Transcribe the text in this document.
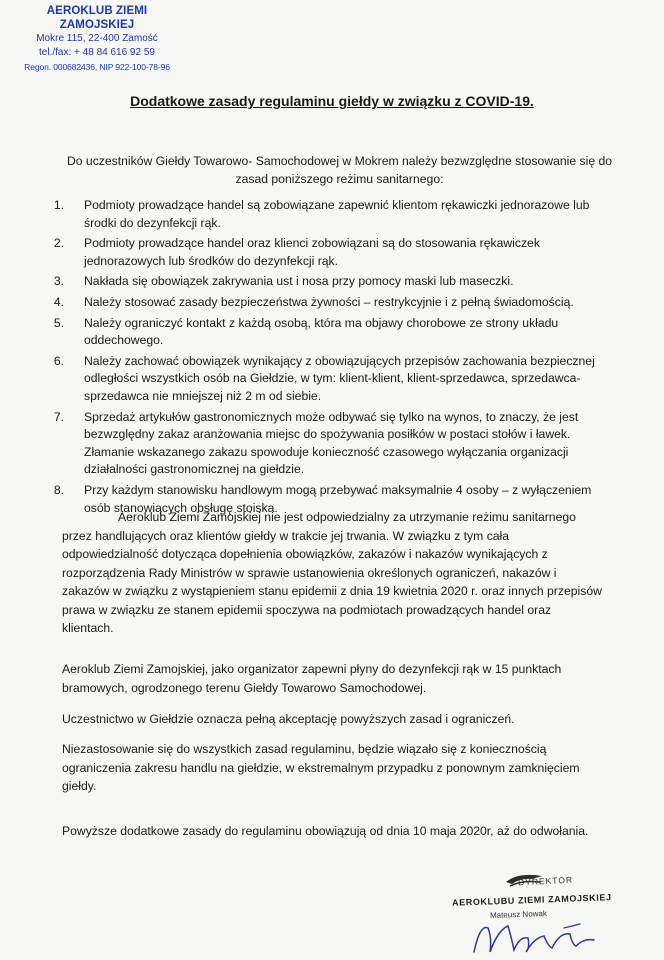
AEROKLUB ZIEMI ZAMOJSKIEJ
Mokre 115, 22-400 Zamość
tel./fax: + 48 84 616 92 59
Regon. 000682436, NIP 922-100-78-96
Dodatkowe zasady regulaminu giełdy w związku z COVID-19.
Do uczestników Giełdy Towarowo- Samochodowej w Mokrem należy bezwzględne stosowanie się do zasad poniższego reżimu sanitarnego:
1. Podmioty prowadzące handel są zobowiązane zapewnić klientom rękawiczki jednorazowe lub środki do dezynfekcji rąk.
2. Podmioty prowadzące handel oraz klienci zobowiązani są do stosowania rękawiczek jednorazowych lub środków do dezynfekcji rąk.
3. Nakłada się obowiązek zakrywania ust i nosa przy pomocy maski lub maseczki.
4. Należy stosować zasady bezpieczeństwa żywności – restrykcyjnie i z pełną świadomością.
5. Należy ograniczyć kontakt z każdą osobą, która ma objawy chorobowe ze strony układu oddechowego.
6. Należy zachować obowiązek wynikający z obowiązujących przepisów zachowania bezpiecznej odległości wszystkich osób na Giełdzie, w tym: klient-klient, klient-sprzedawca, sprzedawca-sprzedawca nie mniejszej niż 2 m od siebie.
7. Sprzedaż artykułów gastronomicznych może odbywać się tylko na wynos, to znaczy, że jest bezwzględny zakaz aranżowania miejsc do spożywania posiłków w postaci stołów i ławek. Złamanie wskazanego zakazu spowoduje konieczność czasowego wyłączania organizacji działalności gastronomicznej na giełdzie.
8. Przy każdym stanowisku handlowym mogą przebywać maksymalnie 4 osoby – z wyłączeniem osób stanowiących obsługę stoiska.

Aeroklub Ziemi Zamojskiej nie jest odpowiedzialny za utrzymanie reżimu sanitarnego przez handlujących oraz klientów giełdy w trakcie jej trwania. W związku z tym cała odpowiedzialność dotycząca dopełnienia obowiązków, zakazów i nakazów wynikających z rozporządzenia Rady Ministrów w sprawie ustanowienia określonych ograniczeń, nakazów i zakazów w związku z wystąpieniem stanu epidemii z dnia 19 kwietnia 2020 r. oraz innych przepisów prawa w związku ze stanem epidemii spoczywa na podmiotach prowadzących handel oraz klientach.

Aeroklub Ziemi Zamojskiej, jako organizator zapewni płyny do dezynfekcji rąk w 15 punktach bramowych, ogrodzonego terenu Giełdy Towarowo Samochodowej.

Uczestnictwo w Giełdzie oznacza pełną akceptację powyższych zasad i ograniczeń.

Niezastosowanie się do wszystkich zasad regulaminu, będzie wiązało się z koniecznością ograniczenia zakresu handlu na giełdzie, w ekstremalnym przypadku z ponownym zamknięciem giełdy.

Powyższe dodatkowe zasady do regulaminu obowiązują od dnia 10 maja 2020r, aż do odwołania.

DYREKTOR
AEROKLUBU ZIEMI ZAMOJSKIEJ
Mateusz Nowak
